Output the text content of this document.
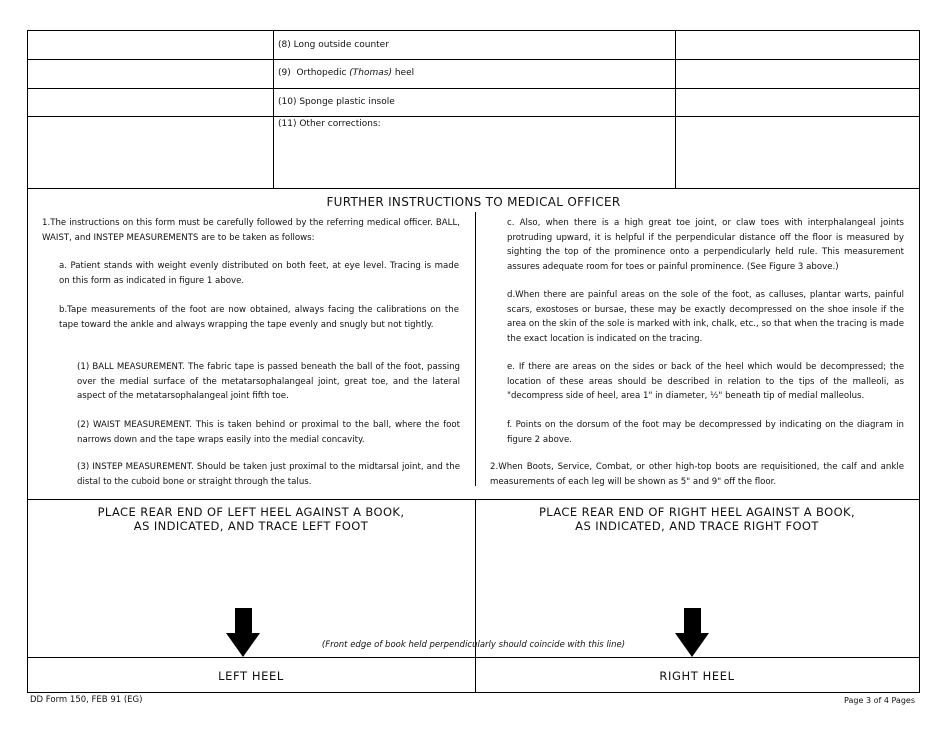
(8) Long outside counter
(9)  Orthopedic (Thomas) heel
(10) Sponge plastic insole
(11) Other corrections:
FURTHER INSTRUCTIONS TO MEDICAL OFFICER
1.The instructions on this form must be carefully followed by the referring medical officer. BALL, WAIST, and INSTEP MEASUREMENTS are to be taken as follows:
a. Patient stands with weight evenly distributed on both feet, at eye level. Tracing is made on this form as indicated in figure 1 above.
b.Tape measurements of the foot are now obtained, always facing the calibrations on the tape toward the ankle and always wrapping the tape evenly and snugly but not tightly.
(1) BALL MEASUREMENT. The fabric tape is passed beneath the ball of the foot, passing over the medial surface of the metatarsophalangeal joint, great toe, and the lateral aspect of the metatarsophalangeal joint fifth toe.
(2) WAIST MEASUREMENT. This is taken behind or proximal to the ball, where the foot narrows down and the tape wraps easily into the medial concavity.
(3) INSTEP MEASUREMENT. Should be taken just proximal to the midtarsal joint, and the distal to the cuboid bone or straight through the talus.
c. Also, when there is a high great toe joint, or claw toes with interphalangeal joints protruding upward, it is helpful if the perpendicular distance off the floor is measured by sighting the top of the prominence onto a perpendicularly held rule. This measurement assures adequate room for toes or painful prominence. (See Figure 3 above.)
d.When there are painful areas on the sole of the foot, as calluses, plantar warts, painful scars, exostoses or bursae, these may be exactly decompressed on the shoe insole if the area on the skin of the sole is marked with ink, chalk, etc., so that when the tracing is made the exact location is indicated on the tracing.
e. If there are areas on the sides or back of the heel which would be decompressed; the location of these areas should be described in relation to the tips of the malleoli, as "decompress side of heel, area 1" in diameter, ½" beneath tip of medial malleolus.
f. Points on the dorsum of the foot may be decompressed by indicating on the diagram in figure 2 above.
2.When Boots, Service, Combat, or other high-top boots are requisitioned, the calf and ankle measurements of each leg will be shown as 5" and 9" off the floor.
PLACE REAR END OF LEFT HEEL AGAINST A BOOK,
AS INDICATED, AND TRACE LEFT FOOT
PLACE REAR END OF RIGHT HEEL AGAINST A BOOK,
AS INDICATED, AND TRACE RIGHT FOOT
(Front edge of book held perpendicularly should coincide with this line)
LEFT HEEL	RIGHT HEEL
DD Form 150, FEB 91 (EG)	Page 3 of 4 Pages
